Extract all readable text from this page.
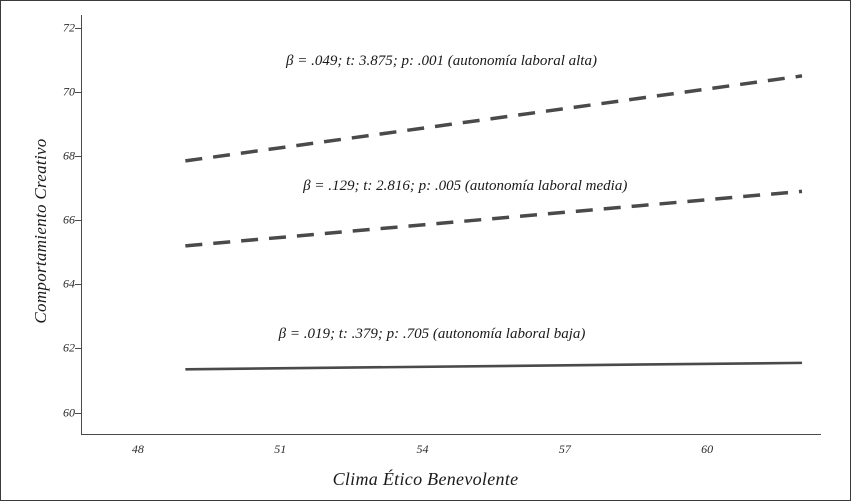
Comportamiento Creativo
60
62
64
66
68
70
72
48	51	54	57	60
β = .049; t: 3.875; p: .001 (autonomía laboral alta)
β = .129; t: 2.816; p: .005 (autonomía laboral media)
β = .019; t: .379; p: .705 (autonomía laboral baja)
Clima Ético Benevolente
